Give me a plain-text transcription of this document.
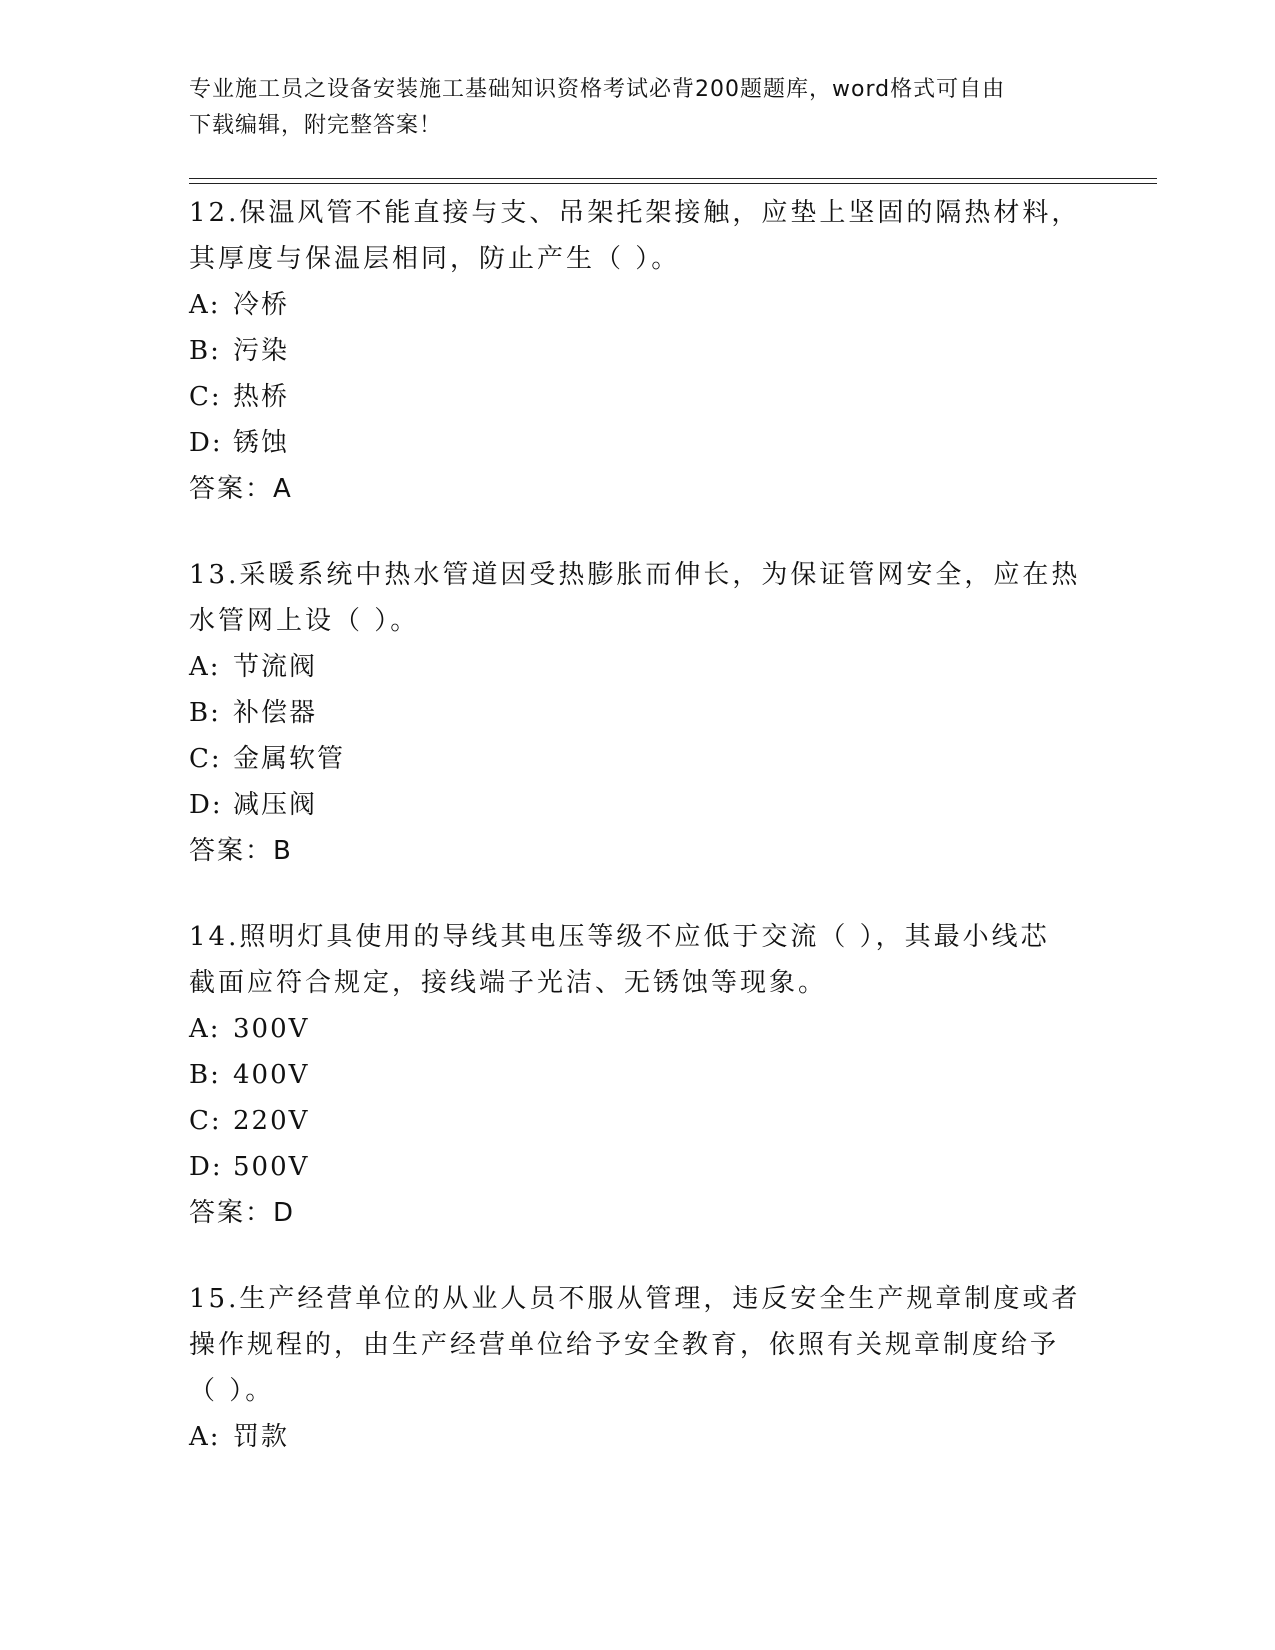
专业施工员之设备安装施工基础知识资格考试必背200题题库，word格式可自由
下载编辑，附完整答案！

12.保温风管不能直接与支、吊架托架接触，应垫上坚固的隔热材料，

其厚度与保温层相同，防止产生（ ）。

A: 冷桥

B: 污染

C: 热桥

D: 锈蚀

答案：A

13.采暖系统中热水管道因受热膨胀而伸长，为保证管网安全，应在热

水管网上设（ ）。

A: 节流阀

B: 补偿器

C: 金属软管

D: 减压阀

答案：B

14.照明灯具使用的导线其电压等级不应低于交流（ ），其最小线芯

截面应符合规定，接线端子光洁、无锈蚀等现象。

A: 300V

B: 400V

C: 220V

D: 500V

答案：D

15.生产经营单位的从业人员不服从管理，违反安全生产规章制度或者

操作规程的，由生产经营单位给予安全教育，依照有关规章制度给予

（ ）。

A: 罚款
